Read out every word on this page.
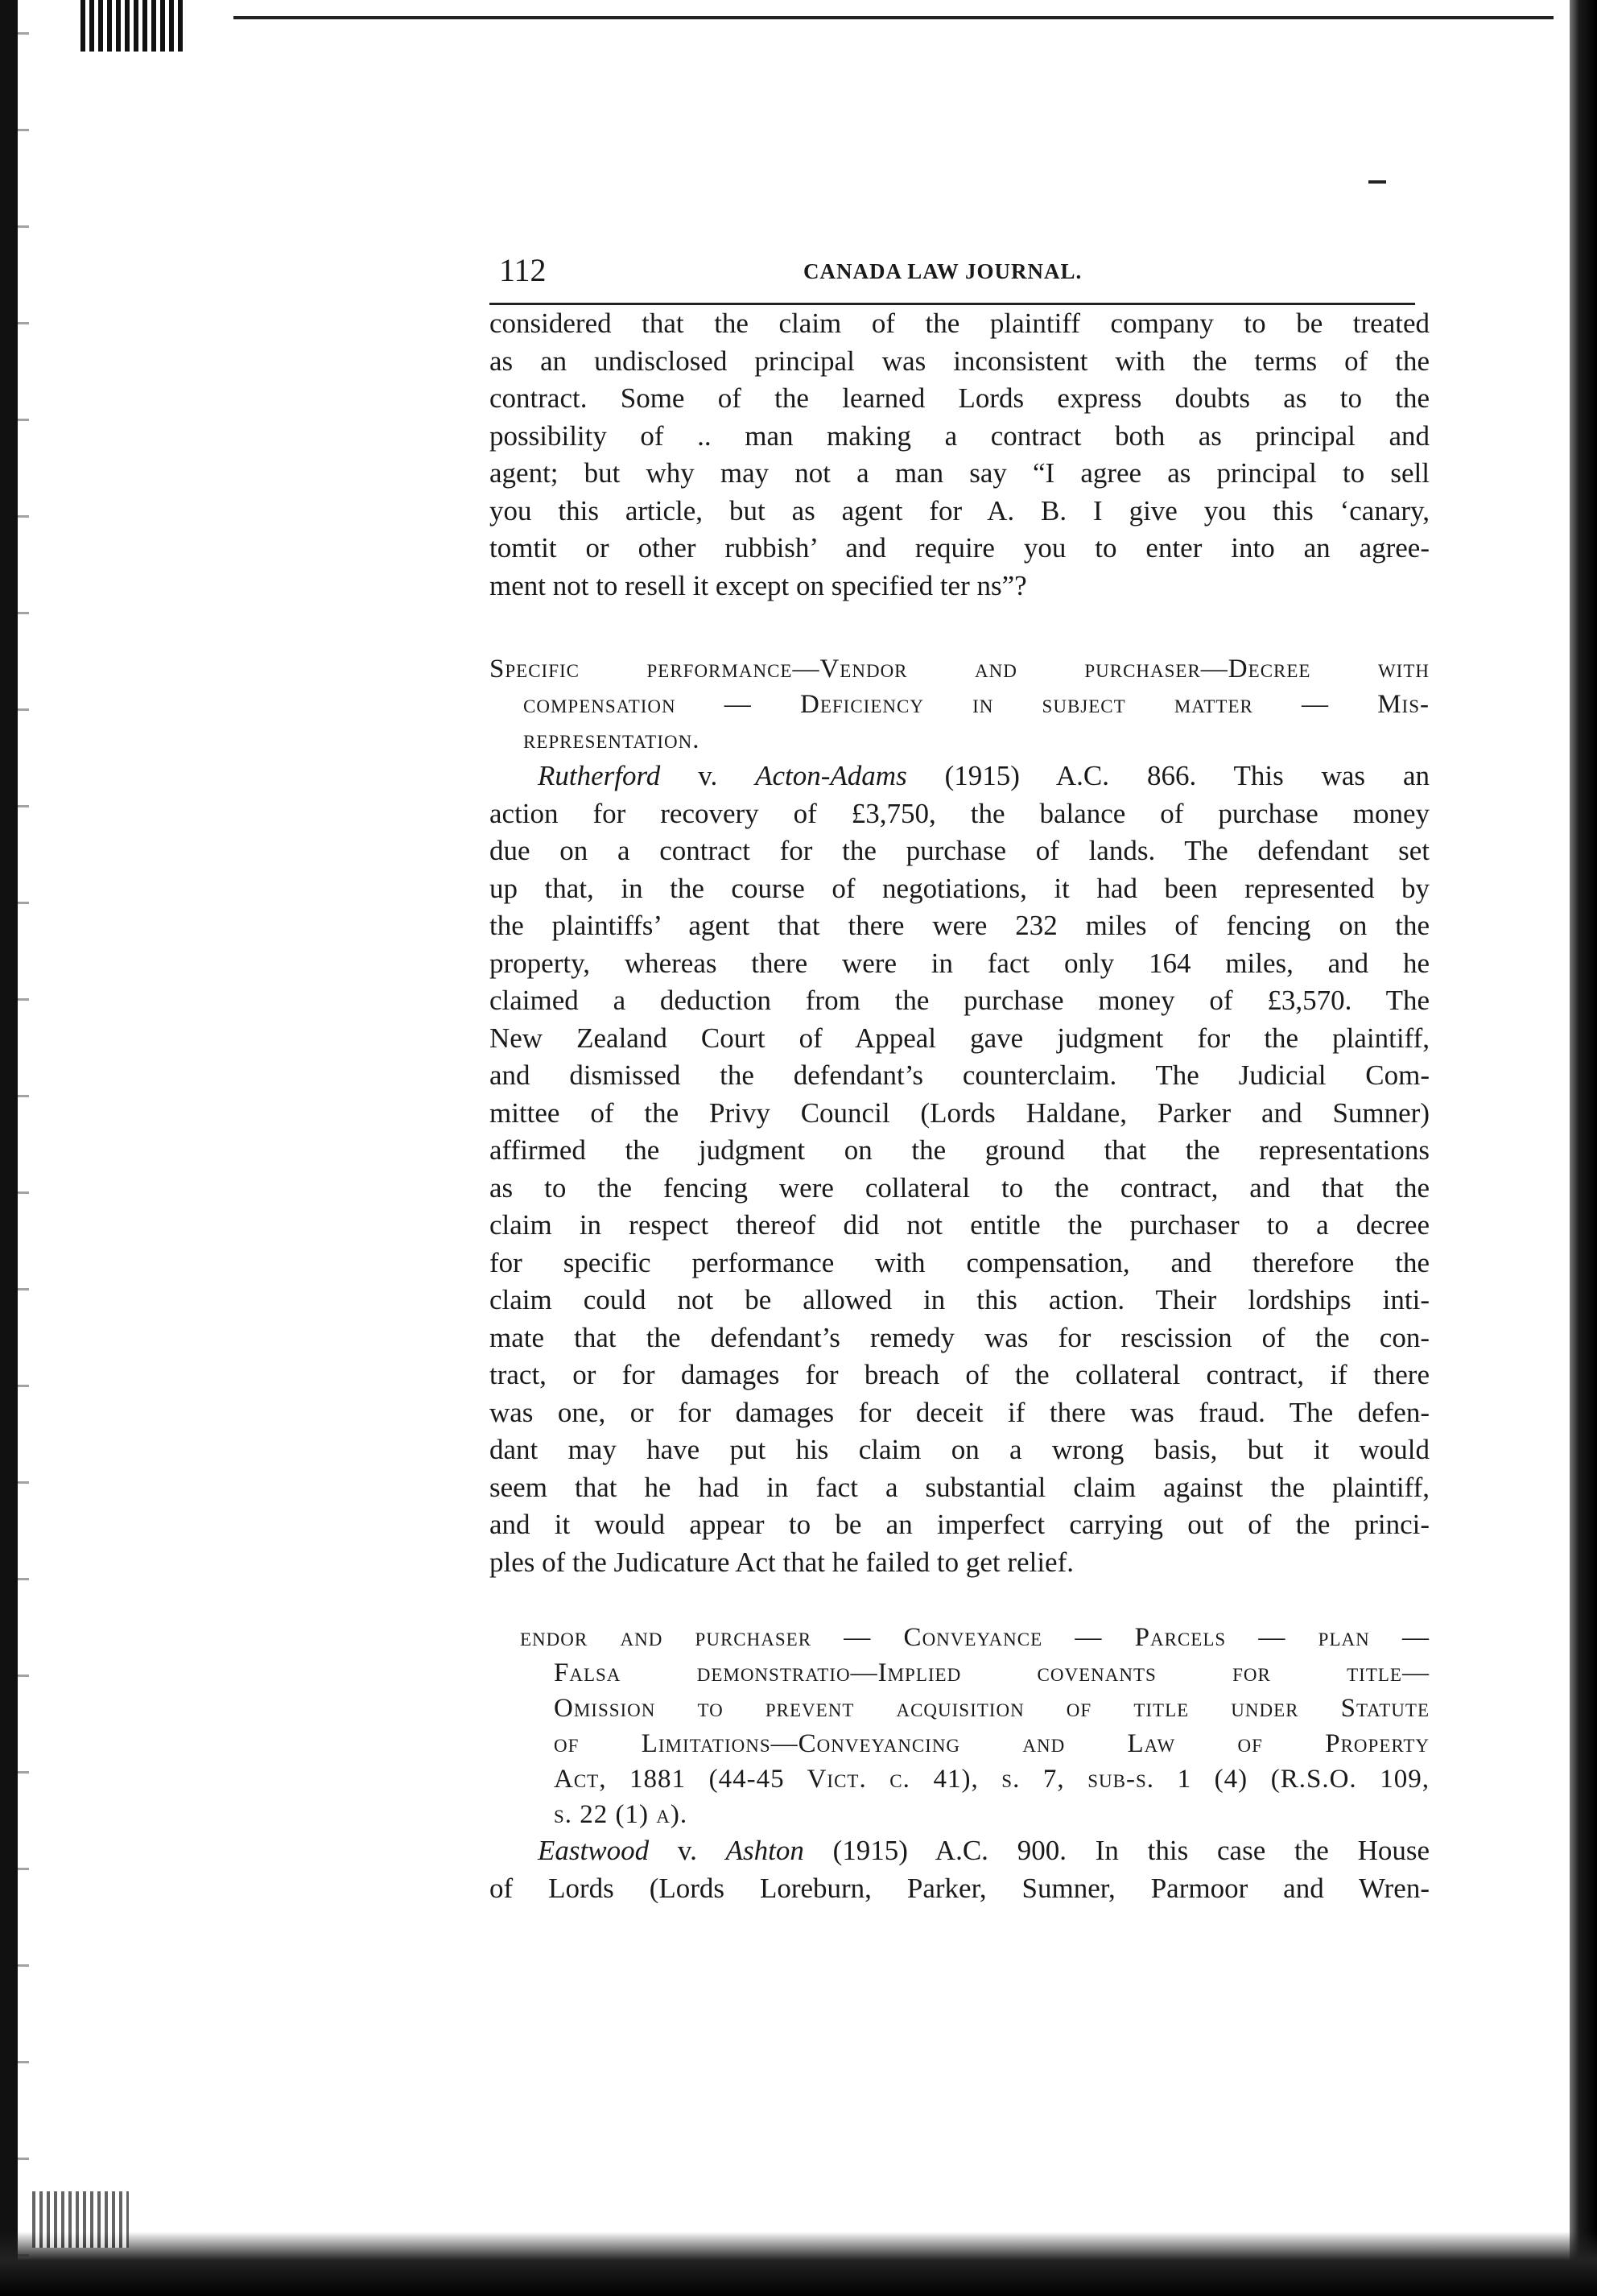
112	CANADA LAW JOURNAL.

considered that the claim of the plaintiff company to be treated
as an undisclosed principal was inconsistent with the terms of the
contract. Some of the learned Lords express doubts as to the
possibility of .. man making a contract both as principal and
agent; but why may not a man say “I agree as principal to sell
you this article, but as agent for A. B. I give you this ‘canary,
tomtit or other rubbish’ and require you to enter into an agree-
ment not to resell it except on specified ter ns”?

Specific performance—Vendor and purchaser—Decree with
compensation — Deficiency in subject matter — Mis-
representation.

Rutherford v. Acton-Adams (1915) A.C. 866. This was an
action for recovery of £3,750, the balance of purchase money
due on a contract for the purchase of lands. The defendant set
up that, in the course of negotiations, it had been represented by
the plaintiffs’ agent that there were 232 miles of fencing on the
property, whereas there were in fact only 164 miles, and he
claimed a deduction from the purchase money of £3,570. The
New Zealand Court of Appeal gave judgment for the plaintiff,
and dismissed the defendant’s counterclaim. The Judicial Com-
mittee of the Privy Council (Lords Haldane, Parker and Sumner)
affirmed the judgment on the ground that the representations
as to the fencing were collateral to the contract, and that the
claim in respect thereof did not entitle the purchaser to a decree
for specific performance with compensation, and therefore the
claim could not be allowed in this action. Their lordships inti-
mate that the defendant’s remedy was for rescission of the con-
tract, or for damages for breach of the collateral contract, if there
was one, or for damages for deceit if there was fraud. The defen-
dant may have put his claim on a wrong basis, but it would
seem that he had in fact a substantial claim against the plaintiff,
and it would appear to be an imperfect carrying out of the princi-
ples of the Judicature Act that he failed to get relief.

endor and purchaser — Conveyance — Parcels — plan —
Falsa demonstratio—Implied covenants for title—
Omission to prevent acquisition of title under Statute
of Limitations—Conveyancing and Law of Property
Act, 1881 (44-45 Vict. c. 41), s. 7, sub-s. 1 (4) (R.S.O. 109,
s. 22 (1) a).

Eastwood v. Ashton (1915) A.C. 900. In this case the House
of Lords (Lords Loreburn, Parker, Sumner, Parmoor and Wren-
